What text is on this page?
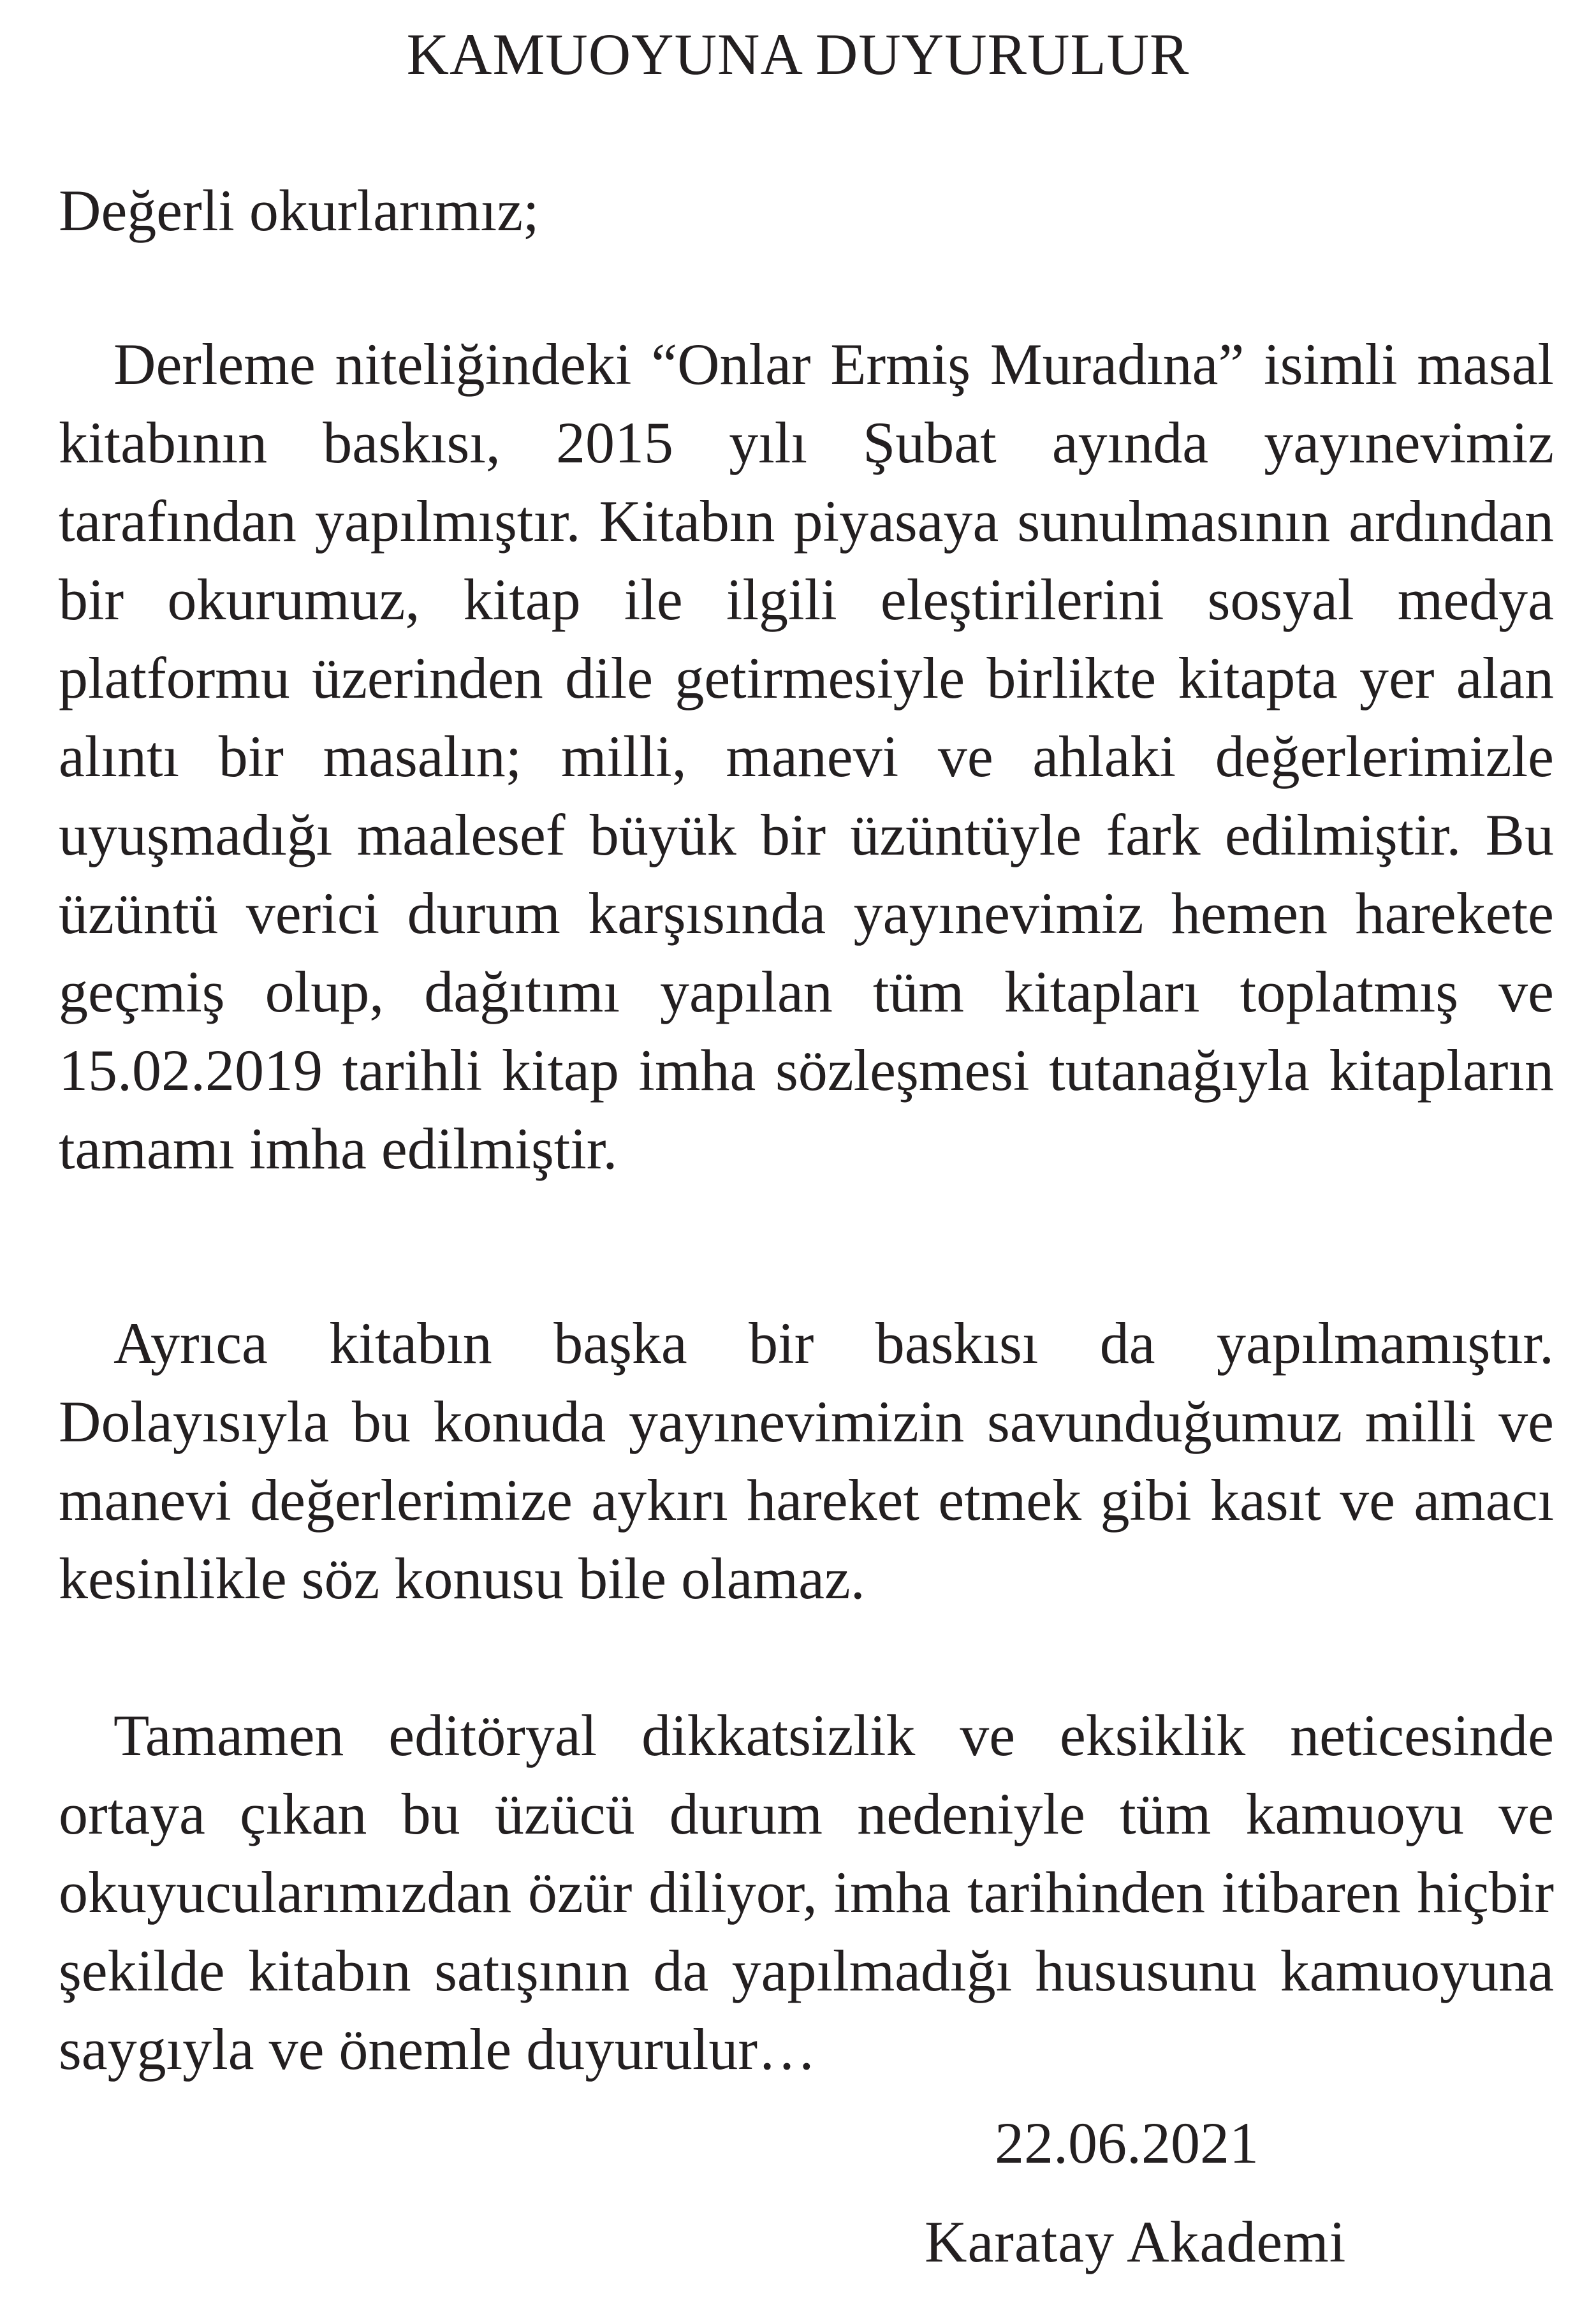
KAMUOYUNA DUYURULUR

Değerli okurlarımız;

Derleme niteliğindeki “Onlar Ermiş Muradına” isimli masal kitabının baskısı, 2015 yılı Şubat ayında yayınevimiz tarafından yapılmıştır. Kitabın piyasaya sunulmasının ardından bir okurumuz, kitap ile ilgili eleştirilerini sosyal medya platformu üzerinden dile getirmesiyle birlikte kitapta yer alan alıntı bir masalın; milli, manevi ve ahlaki değerlerimizle uyuşmadığı maalesef büyük bir üzüntüyle fark edilmiştir. Bu üzüntü verici durum karşısında yayınevimiz hemen harekete geçmiş olup, dağıtımı yapılan tüm kitapları toplatmış ve 15.02.2019 tarihli kitap imha sözleşmesi tutanağıyla kitapların tamamı imha edilmiştir.

Ayrıca kitabın başka bir baskısı da yapılmamıştır. Dolayısıyla bu konuda yayınevimizin savunduğumuz milli ve manevi değerlerimize aykırı hareket etmek gibi kasıt ve amacı kesinlikle söz konusu bile olamaz.

Tamamen editöryal dikkatsizlik ve eksiklik neticesinde ortaya çıkan bu üzücü durum nedeniyle tüm kamuoyu ve okuyucularımızdan özür diliyor, imha tarihinden itibaren hiçbir şekilde kitabın satışının da yapılmadığı hususunu kamuoyuna saygıyla ve önemle duyurulur…

22.06.2021

Karatay Akademi
